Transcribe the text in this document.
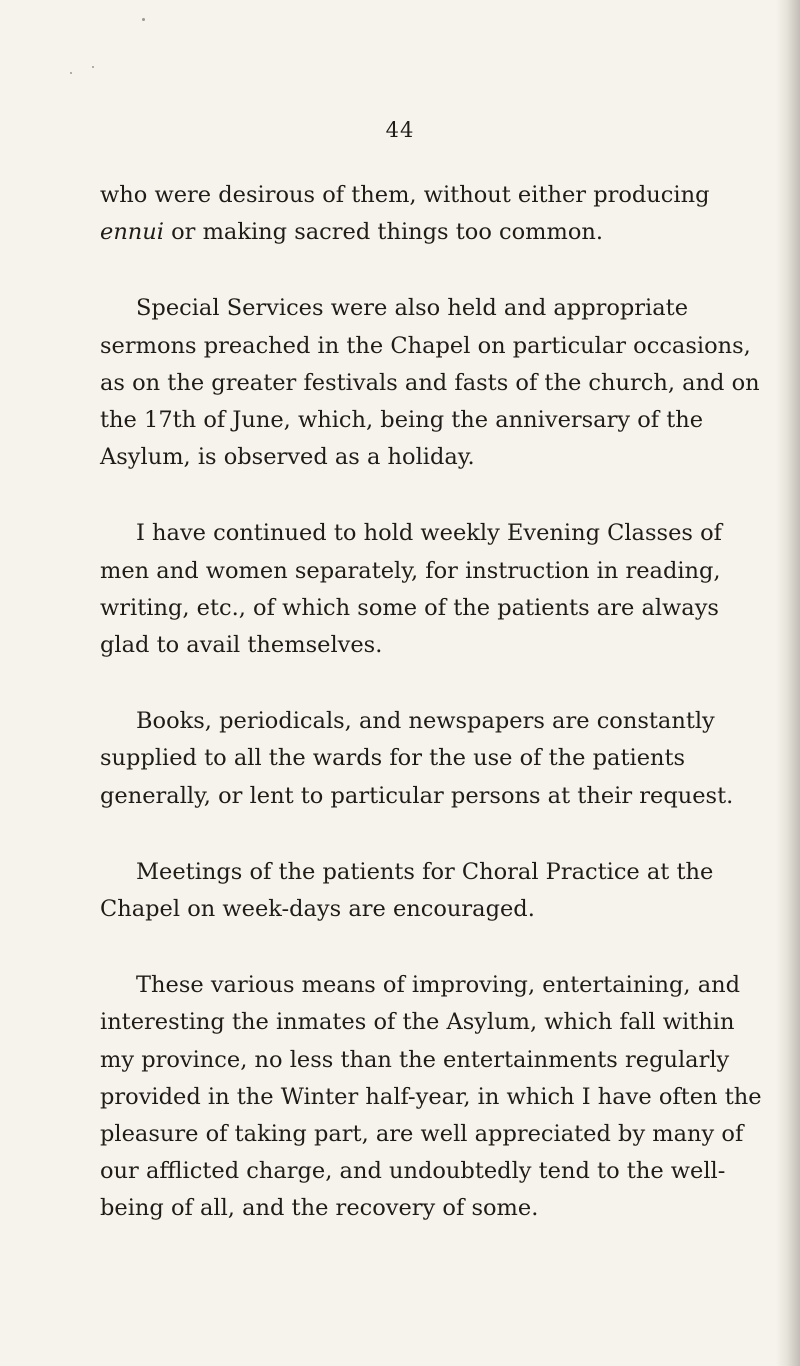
44

who were desirous of them, without either producing ennui or making sacred things too common.

Special Services were also held and appropriate sermons preached in the Chapel on particular occasions, as on the greater festivals and fasts of the church, and on the 17th of June, which, being the anniversary of the Asylum, is observed as a holiday.

I have continued to hold weekly Evening Classes of men and women separately, for instruction in reading, writing, etc., of which some of the patients are always glad to avail themselves.

Books, periodicals, and newspapers are constantly supplied to all the wards for the use of the patients generally, or lent to particular persons at their request.

Meetings of the patients for Choral Practice at the Chapel on week-days are encouraged.

These various means of improving, entertaining, and interesting the inmates of the Asylum, which fall within my province, no less than the entertainments regularly provided in the Winter half-year, in which I have often the pleasure of taking part, are well appreciated by many of our afflicted charge, and undoubtedly tend to the well-being of all, and the recovery of some.
